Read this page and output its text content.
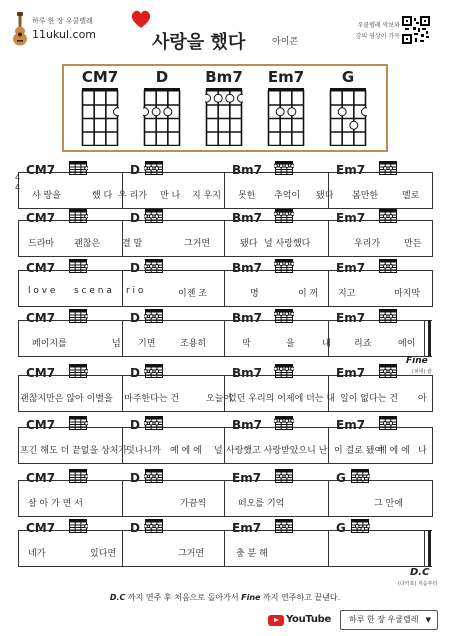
하루 한 장 우쿨렐레
11ukul.com	사랑을 했다	아이콘
우쿨렐레 악보와
강의 영상이 가득
CM7	D	Bm7	Em7	G
4
4
CM7	D	Bm7	Em7
사 랑을	했 다 우 리가 만 나 지 우지 못한 추억이 됐다 봄만한	멜로
CM7	D	Bm7	Em7
드라마 괜찮은 결 말	그거면	됐다 널 사랑했다	우리가	만든
CM7	D	Bm7	Em7
l o v e s c e n a r i o	이젠 조	명	이 꺼 지고	마지막
CM7	D	Bm7	Em7
페이지를	넘 기면	조용히	막	을	내	리죠	에이
CM7	D	Bm7	Em7
괜찮지만은 않아 이별을 마주한다는 건	오늘이
었던 우리의 어제에 더는 내 일이 없다는 건 아
CM7	D	Bm7	Em7
프긴 해도 더 끝없을 상처가
덧나니까 예 에 에 널 사랑했고 사랑받았으니 난 이 걸로 됐어
예 에 에 나
CM7	D	Em7	G
살 아 가 면 서	가끔씩	떠오를 기억	그 안에
CM7	D	Em7	G
네가	있다면	그거면	충 분 해
Fine
(피네) 끝
D.C
(다카포) 처음부터
D.C 까지 연주 후 처음으로 돌아가서 Fine 까지 연주하고 끝낸다.
YouTube	하루 한 장 우쿨렐레 ▼
